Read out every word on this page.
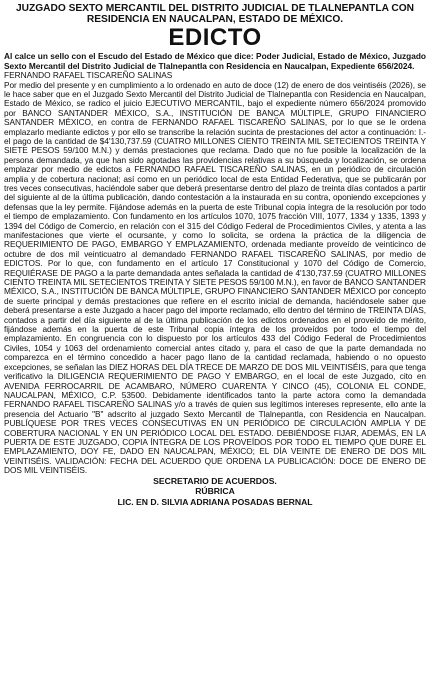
JUZGADO SEXTO MERCANTIL DEL DISTRITO JUDICIAL DE TLALNEPANTLA CON

RESIDENCIA EN NAUCALPAN, ESTADO DE MÉXICO.

EDICTO

Al calce un sello con el Escudo del Estado de México que dice: Poder Judicial, Estado de México, Juzgado Sexto Mercantil del Distrito Judicial de Tlalnepantla con Residencia en Naucalpan, Expediente 656/2024.

FERNANDO RAFAEL TISCAREÑO SALINAS

Por medio del presente y en cumplimiento a lo ordenado en auto de doce (12) de enero de dos veintiséis (2026), se le hace saber que en el Juzgado Sexto Mercantil del Distrito Judicial de Tlalnepantla con Residencia en Naucalpan, Estado de México, se radico el juicio EJECUTIVO MERCANTIL, bajo el expediente número 656/2024 promovido por BANCO SANTANDER MÉXICO, S.A., INSTITUCIÓN DE BANCA MÚLTIPLE, GRUPO FINANCIERO SANTANDER MÉXICO, en contra de FERNANDO RAFAEL TISCAREÑO SALINAS, por lo que se le ordena emplazarlo mediante edictos y por ello se transcribe la relación sucinta de prestaciones del actor a continuación: I.- el pago de la cantidad de $4'130,737.59 (CUATRO MILLONES CIENTO TREINTA MIL SETECIENTOS TREINTA Y SIETE PESOS 59/100 M.N.) y demás prestaciones que reclama. Dado que no fue posible la localización de la persona demandada, ya que han sido agotadas las providencias relativas a su búsqueda y localización, se ordena emplazar por medio de edictos a FERNANDO RAFAEL TISCAREÑO SALINAS, en un periódico de circulación amplia y de cobertura nacional; así como en un periódico local de esta Entidad Federativa, que se publicarán por tres veces consecutivas, haciéndole saber que deberá presentarse dentro del plazo de treinta días contados a partir del siguiente al de la última publicación, dando contestación a la instaurada en su contra, oponiendo excepciones y defensas que la ley permite. Fijándose además en la puerta de este Tribunal copia íntegra de la resolución por todo el tiempo de emplazamiento. Con fundamento en los artículos 1070, 1075 fracción VIII, 1077, 1334 y 1335, 1393 y 1394 del Código de Comercio, en relación con el 315 del Código Federal de Procedimientos Civiles, y atenta a las manifestaciones que vierte el ocursante, y como lo solicita, se ordena la práctica de la diligencia de REQUERIMIENTO DE PAGO, EMBARGO Y EMPLAZAMIENTO, ordenada mediante proveído de veinticinco de octubre de dos mil veinticuatro al demandado FERNANDO RAFAEL TISCAREÑO SALINAS, por medio de EDICTOS. Por lo que, con fundamento en el artículo 17 Constitucional y 1070 del Código de Comercio, REQUIÉRASE DE PAGO a la parte demandada antes señalada la cantidad de 4'130,737.59 (CUATRO MILLONES CIENTO TREINTA MIL SETECIENTOS TREINTA Y SIETE PESOS 59/100 M.N.), en favor de BANCO SANTANDER MÉXICO, S.A., INSTITUCIÓN DE BANCA MÚLTIPLE, GRUPO FINANCIERO SANTANDER MÉXICO por concepto de suerte principal y demás prestaciones que refiere en el escrito inicial de demanda, haciéndosele saber que deberá presentarse a este Juzgado a hacer pago del importe reclamado, ello dentro del término de TREINTA DÍAS, contados a partir del día siguiente al de la última publicación de los edictos ordenados en el proveído de mérito, fijándose además en la puerta de este Tribunal copia íntegra de los proveídos por todo el tiempo del emplazamiento. En congruencia con lo dispuesto por los artículos 433 del Código Federal de Procedimientos Civiles, 1054 y 1063 del ordenamiento comercial antes citado y, para el caso de que la parte demandada no comparezca en el término concedido a hacer pago llano de la cantidad reclamada, habiendo o no opuesto excepciones, se señalan las DIEZ HORAS DEL DÍA TRECE DE MARZO DE DOS MIL VEINTISÉIS, para que tenga verificativo la DILIGENCIA REQUERIMIENTO DE PAGO Y EMBARGO, en el local de este Juzgado, cito en AVENIDA FERROCARRIL DE ACAMBARO, NÚMERO CUARENTA Y CINCO (45), COLONIA EL CONDE, NAUCALPAN, MÉXICO, C.P. 53500. Debidamente identificados tanto la parte actora como la demandada FERNANDO RAFAEL TISCAREÑO SALINAS y/o a través de quien sus legítimos intereses represente, ello ante la presencia del Actuario "B" adscrito al juzgado Sexto Mercantil de Tlalnepantla, con Residencia en Naucalpan. PUBLÍQUESE POR TRES VECES CONSECUTIVAS EN UN PERIÓDICO DE CIRCULACIÓN AMPLIA Y DE COBERTURA NACIONAL Y EN UN PERIÓDICO LOCAL DEL ESTADO. DEBIÉNDOSE FIJAR, ADEMÁS, EN LA PUERTA DE ESTE JUZGADO, COPIA ÍNTEGRA DE LOS PROVEÍDOS POR TODO EL TIEMPO QUE DURE EL EMPLAZAMIENTO, DOY FE, DADO EN NAUCALPAN, MÉXICO; EL DÍA VEINTE DE ENERO DE DOS MIL VEINTISÉIS. VALIDACIÓN: FECHA DEL ACUERDO QUE ORDENA LA PUBLICACIÓN: DOCE DE ENERO DE DOS MIL VEINTISÉIS.

SECRETARIO DE ACUERDOS.

RÚBRICA

LIC. EN D. SILVIA ADRIANA POSADAS BERNAL
